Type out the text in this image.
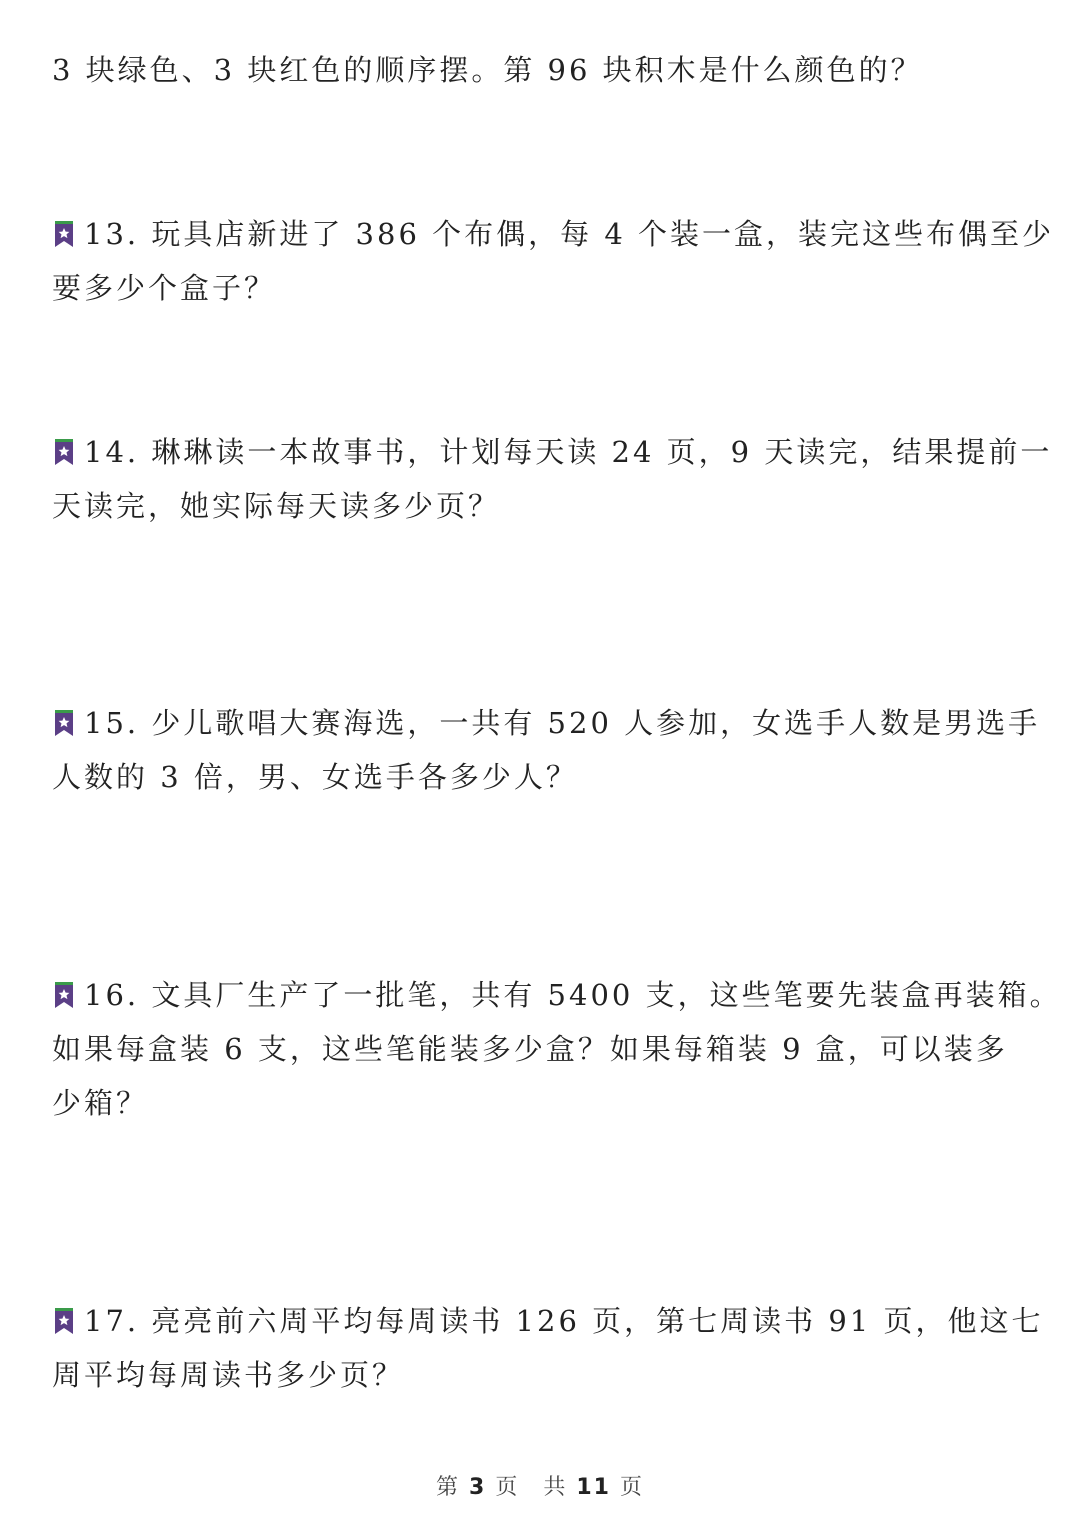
3 块绿色、3 块红色的顺序摆。第 96 块积木是什么颜色的？
13. 玩具店新进了 386 个布偶，每 4 个装一盒，装完这些布偶至少
要多少个盒子？
14. 琳琳读一本故事书，计划每天读 24 页，9 天读完，结果提前一
天读完，她实际每天读多少页？
15. 少儿歌唱大赛海选，一共有 520 人参加，女选手人数是男选手
人数的 3 倍，男、女选手各多少人？
16. 文具厂生产了一批笔，共有 5400 支，这些笔要先装盒再装箱。
如果每盒装 6 支，这些笔能装多少盒？如果每箱装 9 盒，可以装多
少箱？
17. 亮亮前六周平均每周读书 126 页，第七周读书 91 页，他这七
周平均每周读书多少页？
第 3 页　共 11 页
